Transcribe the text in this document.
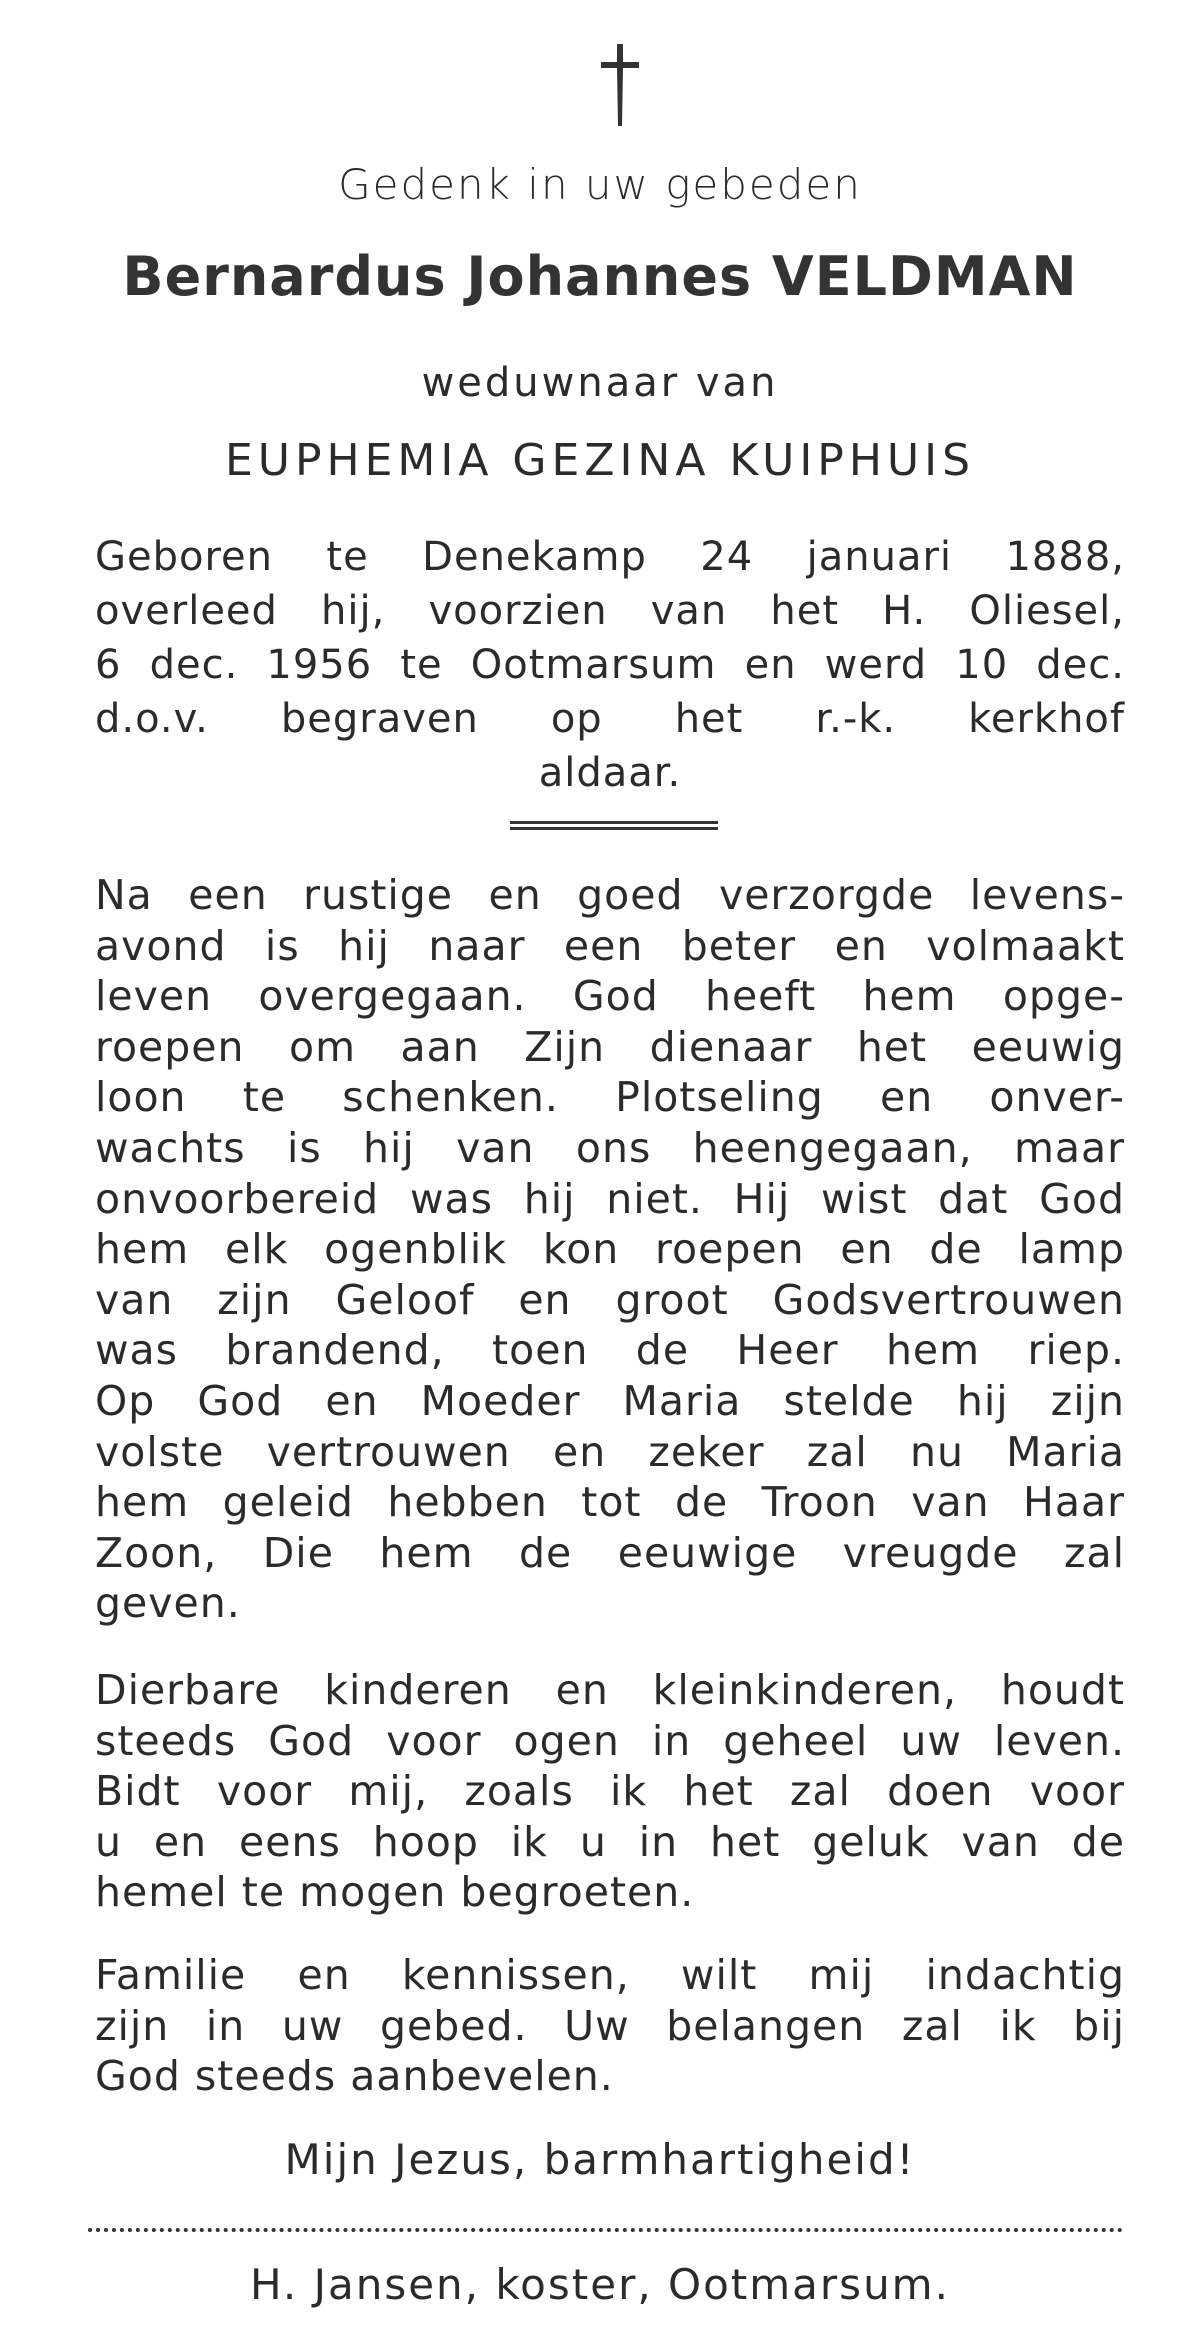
Gedenk in uw gebeden
Bernardus Johannes VELDMAN
weduwnaar van
EUPHEMIA GEZINA KUIPHUIS
Geboren te Denekamp 24 januari 1888,
overleed hij, voorzien van het H. Oliesel,
6 dec. 1956 te Ootmarsum en werd 10 dec.
d.o.v. begraven op het r.-k. kerkhof
aldaar.
Na een rustige en goed verzorgde levens-
avond is hij naar een beter en volmaakt
leven overgegaan. God heeft hem opge-
roepen om aan Zijn dienaar het eeuwig
loon te schenken. Plotseling en onver-
wachts is hij van ons heengegaan, maar
onvoorbereid was hij niet. Hij wist dat God
hem elk ogenblik kon roepen en de lamp
van zijn Geloof en groot Godsvertrouwen
was brandend, toen de Heer hem riep.
Op God en Moeder Maria stelde hij zijn
volste vertrouwen en zeker zal nu Maria
hem geleid hebben tot de Troon van Haar
Zoon, Die hem de eeuwige vreugde zal
geven.
Dierbare kinderen en kleinkinderen, houdt
steeds God voor ogen in geheel uw leven.
Bidt voor mij, zoals ik het zal doen voor
u en eens hoop ik u in het geluk van de
hemel te mogen begroeten.
Familie en kennissen, wilt mij indachtig
zijn in uw gebed. Uw belangen zal ik bij
God steeds aanbevelen.
Mijn Jezus, barmhartigheid!
H. Jansen, koster, Ootmarsum.
